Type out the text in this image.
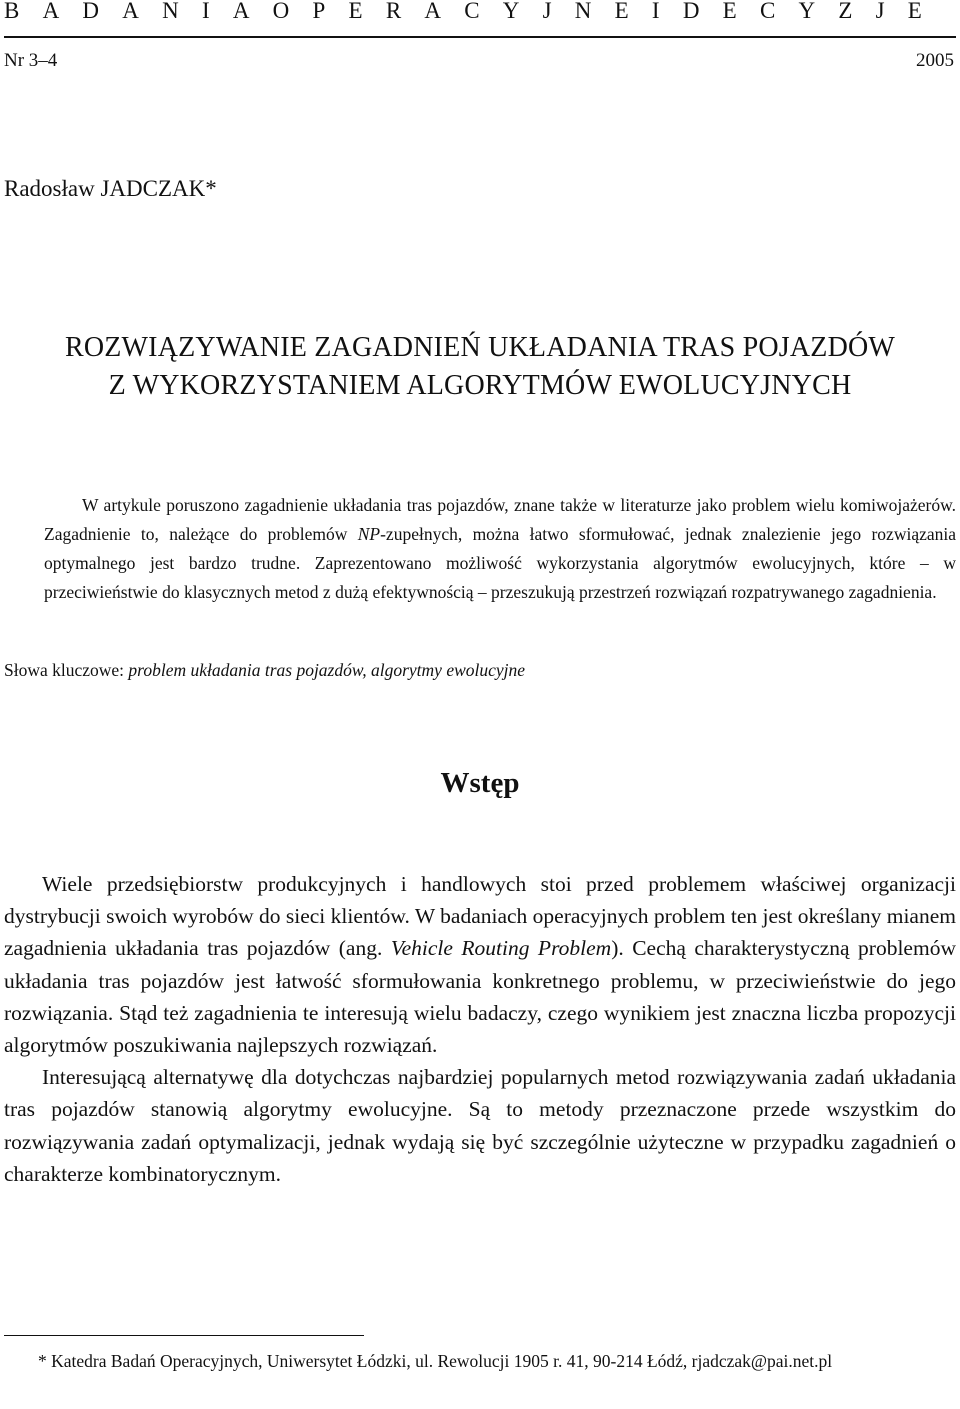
B A D A N I A O P E R A C Y J N E I D E C Y Z J E
Nr 3–4	2005
Radosław JADCZAK*
ROZWIĄZYWANIE ZAGADNIEŃ UKŁADANIA TRAS POJAZDÓW
Z WYKORZYSTANIEM ALGORYTMÓW EWOLUCYJNYCH

W artykule poruszono zagadnienie układania tras pojazdów, znane także w literaturze jako problem wielu komiwojażerów. Zagadnienie to, należące do problemów NP-zupełnych, można łatwo sformułować, jednak znalezienie jego rozwiązania optymalnego jest bardzo trudne. Zaprezentowano możliwość wykorzystania algorytmów ewolucyjnych, które – w przeciwieństwie do klasycznych metod z dużą efektywnością – przeszukują przestrzeń rozwiązań rozpatrywanego zagadnienia.

Słowa kluczowe: problem układania tras pojazdów, algorytmy ewolucyjne
Wstęp

Wiele przedsiębiorstw produkcyjnych i handlowych stoi przed problemem właściwej organizacji dystrybucji swoich wyrobów do sieci klientów. W badaniach operacyjnych problem ten jest określany mianem zagadnienia układania tras pojazdów (ang. Vehicle Routing Problem). Cechą charakterystyczną problemów układania tras pojazdów jest łatwość sformułowania konkretnego problemu, w przeciwieństwie do jego rozwiązania. Stąd też zagadnienia te interesują wielu badaczy, czego wynikiem jest znaczna liczba propozycji algorytmów poszukiwania najlepszych rozwiązań.

Interesującą alternatywę dla dotychczas najbardziej popularnych metod rozwiązywania zadań układania tras pojazdów stanowią algorytmy ewolucyjne. Są to metody przeznaczone przede wszystkim do rozwiązywania zadań optymalizacji, jednak wydają się być szczególnie użyteczne w przypadku zagadnień o charakterze kombinatorycznym.

* Katedra Badań Operacyjnych, Uniwersytet Łódzki, ul. Rewolucji 1905 r. 41, 90-214 Łódź, rjadczak@pai.net.pl
